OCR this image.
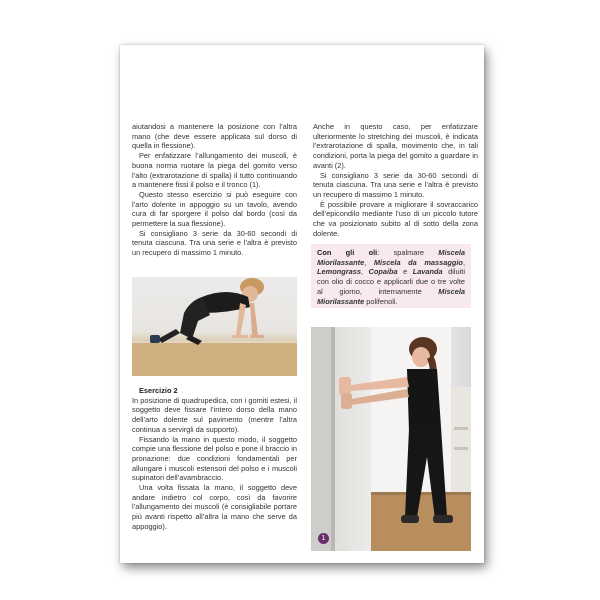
aiutandosi a mantenere la posizione con l’altra mano (che deve essere applicata sul dorso di quella in flessione).

Per enfatizzare l’allungamento dei muscoli, è buona norma ruotare la piega del gomito verso l’alto (extrarotazione di spalla) il tutto continuando a mantenere fissi il polso e il tronco (1).

Questo stesso esercizio si può eseguire con l’arto dolente in appoggio su un tavolo, avendo cura di far sporgere il polso dal bordo (così da permettere la sua flessione).

Si consigliano 3 serie da 30-60 secondi di tenuta ciascuna. Tra una serie e l’altra è previsto un recupero di massimo 1 minuto.

Esercizio 2

In posizione di quadrupedica, con i gomiti estesi, il soggetto deve fissare l’intero dorso della mano dell’arto dolente sul pavimento (mentre l’altra continua a servirgli da supporto).

Fissando la mano in questo modo, il soggetto compie una flessione del polso e pone il braccio in pronazione: due condizioni fondamentali per allungare i muscoli estensori del polso e i muscoli supinatori dell’avambraccio.

Una volta fissata la mano, il soggetto deve andare indietro col corpo, così da favorire l’allungamento dei muscoli (è consigliabile portare più avanti rispetto all’altra la mano che serve da appoggio).

Anche in questo caso, per enfatizzare ulteriormente lo stretching dei muscoli, è indicata l’extrarotazione di spalla, movimento che, in tali condizioni, porta la piega del gomito a guardare in avanti (2).

Si consigliano 3 serie da 30-60 secondi di tenuta ciascuna. Tra una serie e l’altra è previsto un recupero di massimo 1 minuto.

È possibile provare a migliorare il sovraccarico dell’epicondilo mediante l’uso di un piccolo tutore che va posizionato subito al di sotto della zona dolente.

Con gli oli: spalmare Miscela Miorilassante, Miscela da massaggio, Lemongrass, Copaiba e Lavanda diluiti con olio di cocco e applicarli due o tre volte al giorno, internamente Miscela Miorilassante polifenoli.
1
